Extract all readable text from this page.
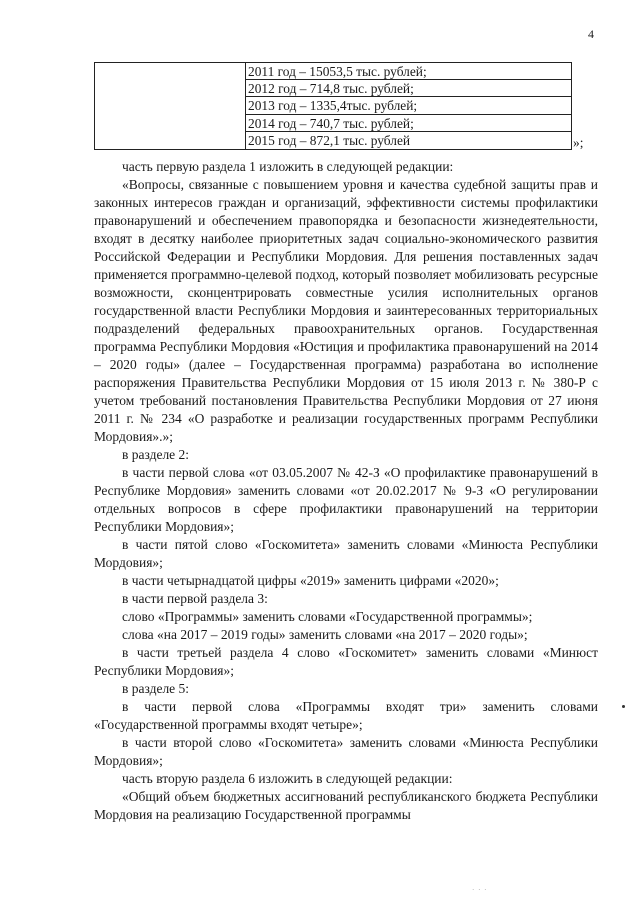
4
2011 год – 15053,5 тыс. рублей;
2012 год – 714,8 тыс. рублей;
2013 год – 1335,4тыс. рублей;
2014 год – 740,7 тыс. рублей;
2015 год – 872,1 тыс. рублей	»;

часть первую раздела 1 изложить в следующей редакции:

«Вопросы, связанные с повышением уровня и качества судебной защиты прав и законных интересов граждан и организаций, эффективности системы профилактики правонарушений и обеспечением правопорядка и безопасности жизнедеятельности, входят в десятку наиболее приоритетных задач социально-экономического развития Российской Федерации и Республики Мордовия. Для решения поставленных задач применяется программно-целевой подход, который позволяет мобилизовать ресурсные возможности, сконцентрировать совместные усилия исполнительных органов государственной власти Республики Мордовия и заинтересованных территориальных подразделений федеральных правоохранительных органов. Государственная программа Республики Мордовия «Юстиция и профилактика правонарушений на 2014 – 2020 годы» (далее – Государственная программа) разработана во исполнение распоряжения Правительства Республики Мордовия от 15 июля 2013 г. № 380-Р с учетом требований постановления Правительства Республики Мордовия от 27 июня 2011 г. № 234 «О разработке и реализации государственных программ Республики Мордовия».»;

в разделе 2:

в части первой слова «от 03.05.2007 № 42-З «О профилактике правонарушений в Республике Мордовия» заменить словами «от 20.02.2017 № 9-З «О регулировании отдельных вопросов в сфере профилактики правонарушений на территории Республики Мордовия»;

в части пятой слово «Госкомитета» заменить словами «Минюста Республики Мордовия»;

в части четырнадцатой цифры «2019» заменить цифрами «2020»;

в части первой раздела 3:

слово «Программы» заменить словами «Государственной программы»;

слова «на 2017 – 2019 годы» заменить словами «на 2017 – 2020 годы»;

в части третьей раздела 4 слово «Госкомитет» заменить словами «Минюст Республики Мордовия»;

в разделе 5:

в части первой слова «Программы входят три» заменить словами «Государственной программы входят четыре»;

в части второй слово «Госкомитета» заменить словами «Минюста Республики Мордовия»;

часть вторую раздела 6 изложить в следующей редакции:

«Общий объем бюджетных ассигнований республиканского бюджета Республики Мордовия на реализацию Государственной программы

· · ·
